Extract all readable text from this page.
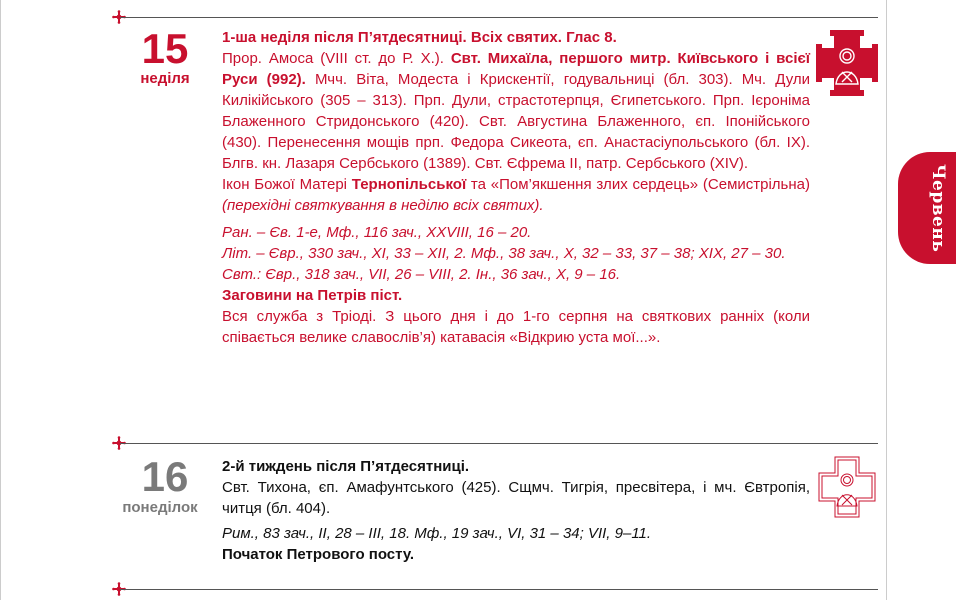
15
неділя

1-ша неділя після П’ятдесятниці. Всіх святих. Глас 8.

Прор. Амоса (VIII ст. до Р. Х.). Свт. Михаїла, першого митр. Київського і всієї Руси (992). Мчч. Віта, Модеста і Крискентії, годувальниці (бл. 303). Мч. Дули Килікійського (305 – 313). Прп. Дули, страстотерпця, Єгипетського. Прп. Ієроніма Блаженного Стридонського (420). Свт. Августина Блаженного, єп. Іпонійського (430). Перенесення мощів прп. Федора Сикеота, єп. Анастасіупольського (бл. IX). Блгв. кн. Лазаря Сербського (1389). Свт. Єфрема II, патр. Сербського (XIV).

Ікон Божої Матері Тернопільської та «Пом’якшення злих сердець» (Семистрільна) (перехідні святкування в неділю всіх святих).

Ран. – Єв. 1-е, Мф., 116 зач., XXVIII, 16 – 20.

Літ. – Євр., 330 зач., XI, 33 – XII, 2. Мф., 38 зач., X, 32 – 33, 37 – 38; XIX, 27 – 30.

Свт.: Євр., 318 зач., VII, 26 – VIII, 2. Ін., 36 зач., X, 9 – 16.

Заговини на Петрів піст.

Вся служба з Тріоді. З цього дня і до 1-го серпня на святкових ранніх (коли співається велике славослів’я) катавасія «Відкрию уста мої...».

Червень
16
понеділок

2-й тиждень після П’ятдесятниці.

Свт. Тихона, єп. Амафунтського (425). Сщмч. Тигрія, пресвітера, і мч. Євтропія, читця (бл. 404).

Рим., 83 зач., II, 28 – III, 18. Мф., 19 зач., VI, 31 – 34; VII, 9–11.

Початок Петрового посту.
